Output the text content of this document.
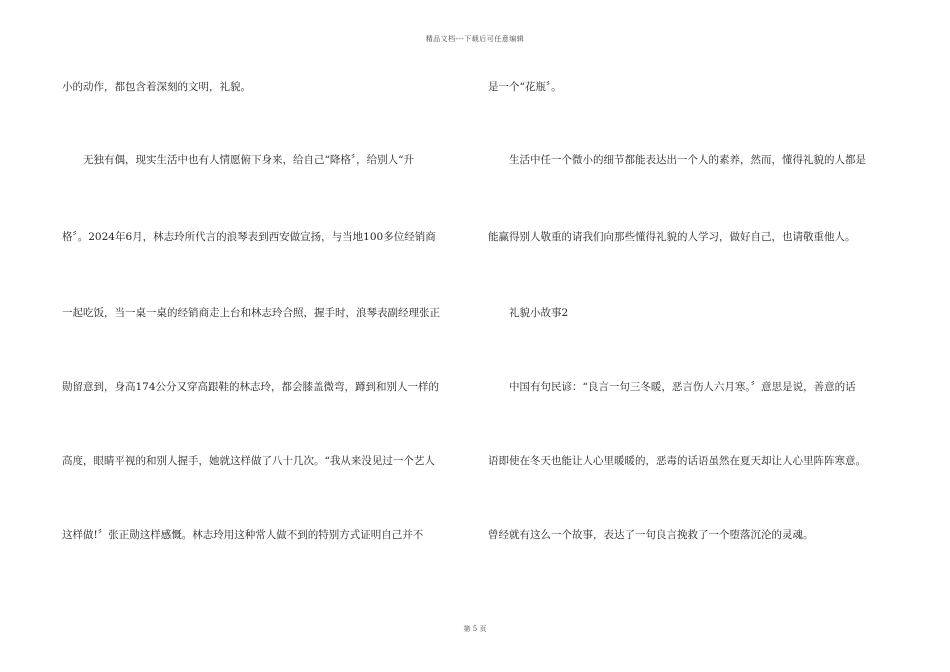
精品文档---下载后可任意编辑
小的动作，都包含着深刻的文明，礼貌。
　　无独有偶，现实生活中也有人情愿俯下身来，给自己“降格〞，给别人“升
格〞。2024年6月，林志玲所代言的浪琴表到西安做宣扬，与当地100多位经销商
一起吃饭，当一桌一桌的经销商走上台和林志玲合照，握手时，浪琴表副经理张正
勋留意到，身高174公分又穿高跟鞋的林志玲，都会膝盖微弯，蹲到和别人一样的
高度，眼睛平视的和别人握手，她就这样做了八十几次。“我从来没见过一个艺人
这样做!〞张正勋这样感慨。林志玲用这种常人做不到的特别方式证明自己并不
是一个“花瓶〞。
　　生活中任一个微小的细节都能表达出一个人的素养，然而，懂得礼貌的人都是
能赢得别人敬重的请我们向那些懂得礼貌的人学习，做好自己，也请敬重他人。
　　礼貌小故事2
　　中国有句民谚：“良言一句三冬暖，恶言伤人六月寒。〞意思是说，善意的话
语即使在冬天也能让人心里暖暖的，恶毒的话语虽然在夏天却让人心里阵阵寒意。
曾经就有这么一个故事，表达了一句良言挽救了一个堕落沉沦的灵魂。
第 5 页
